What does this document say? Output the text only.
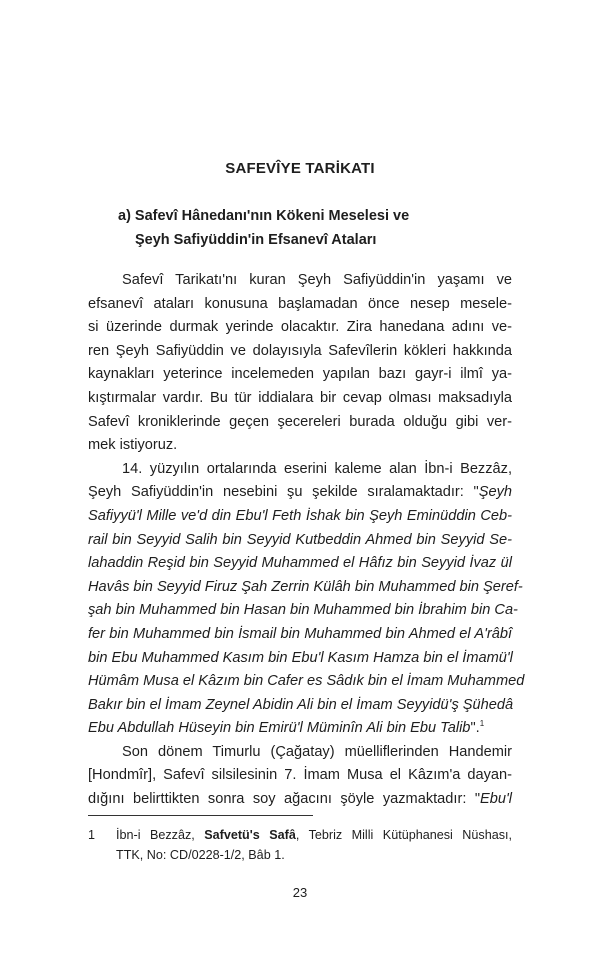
SAFEVÎYE TARİKATI
a) Safevî Hânedanı'nın Kökeni Meselesi ve
Şeyh Safiyüddin'in Efsanevî Ataları
Safevî Tarikatı'nı kuran Şeyh Safiyüddin'in yaşamı ve
efsanevî ataları konusuna başlamadan önce nesep mesele-
si üzerinde durmak yerinde olacaktır. Zira hanedana adını ve-
ren Şeyh Safiyüddin ve dolayısıyla Safevîlerin kökleri hakkında
kaynakları yeterince incelemeden yapılan bazı gayr-i ilmî ya-
kıştırmalar vardır. Bu tür iddialara bir cevap olması maksadıyla
Safevî kroniklerinde geçen şecereleri burada olduğu gibi ver-
mek istiyoruz.
14. yüzyılın ortalarında eserini kaleme alan İbn-i Bezzâz,
Şeyh Safiyüddin'in nesebini şu şekilde sıralamaktadır: "Şeyh
Safiyyü'l Mille ve'd din Ebu'l Feth İshak bin Şeyh Eminüddin Ceb-
rail bin Seyyid Salih bin Seyyid Kutbeddin Ahmed bin Seyyid Se-
lahaddin Reşid bin Seyyid Muhammed el Hâfız bin Seyyid İvaz ül
Havâs bin Seyyid Firuz Şah Zerrin Külâh bin Muhammed bin Şeref-
şah bin Muhammed bin Hasan bin Muhammed bin İbrahim bin Ca-
fer bin Muhammed bin İsmail bin Muhammed bin Ahmed el A'râbî
bin Ebu Muhammed Kasım bin Ebu'l Kasım Hamza bin el İmamü'l
Hümâm Musa el Kâzım bin Cafer es Sâdık bin el İmam Muhammed
Bakır bin el İmam Zeynel Abidin Ali bin el İmam Seyyidü'ş Şühedâ
Ebu Abdullah Hüseyin bin Emirü'l Müminîn Ali bin Ebu Talib".$^1$
Son dönem Timurlu (Çağatay) müelliflerinden Handemir
[Hondmîr], Safevî silsilesinin 7. İmam Musa el Kâzım'a dayan-
dığını belirttikten sonra soy ağacını şöyle yazmaktadır: "Ebu'l
1 İbn-i Bezzâz, Safvetü's Safâ, Tebriz Milli Kütüphanesi Nüshası,
TTK, No: CD/0228-1/2, Bâb 1.
23
